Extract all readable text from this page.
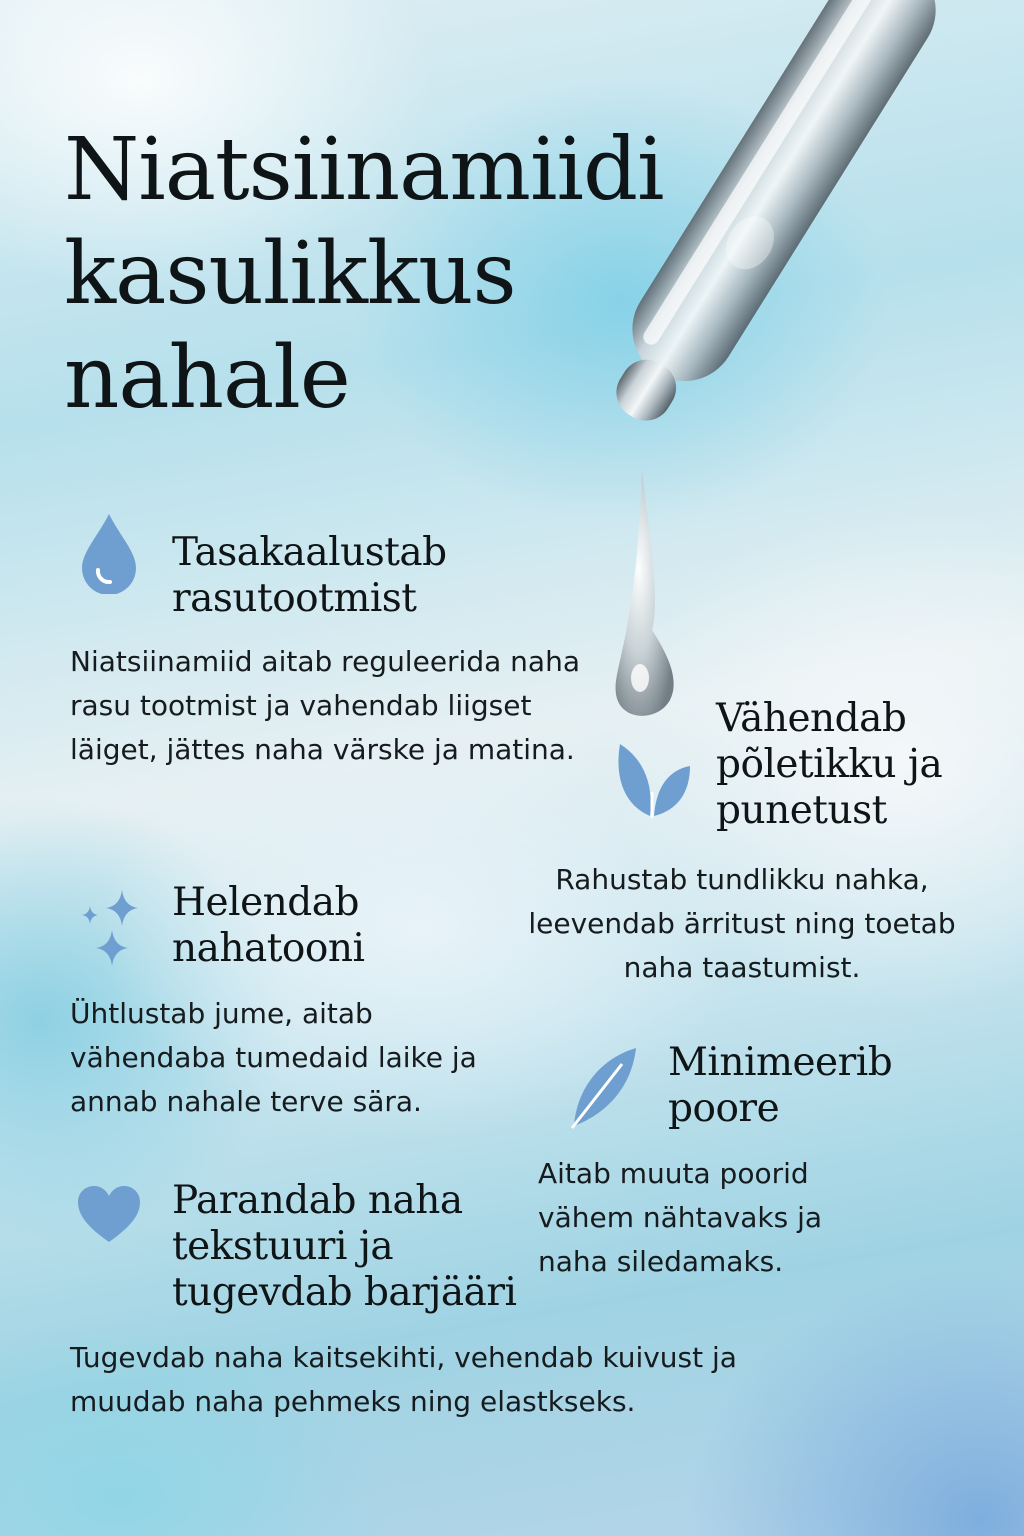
Niatsiinamiidi kasulikkus nahale
Tasakaalustab rasutootmist

Niatsiinamiid aitab reguleerida naha rasu tootmist ja vahendab liigset läiget, jättes naha värske ja matina.

Vähendab põletikku ja punetust

Rahustab tundlikku nahka, leevendab ärritust ning toetab naha taastumist.

Helendab nahatooni

Ühtlustab jume, aitab vähendaba tumedaid laike ja annab nahale terve sära.

Minimeerib poore

Aitab muuta poorid vähem nähtavaks ja naha siledamaks.

Parandab naha tekstuuri ja tugevdab barjääri

Tugevdab naha kaitsekihti, vehendab kuivust ja muudab naha pehmeks ning elastkseks.
